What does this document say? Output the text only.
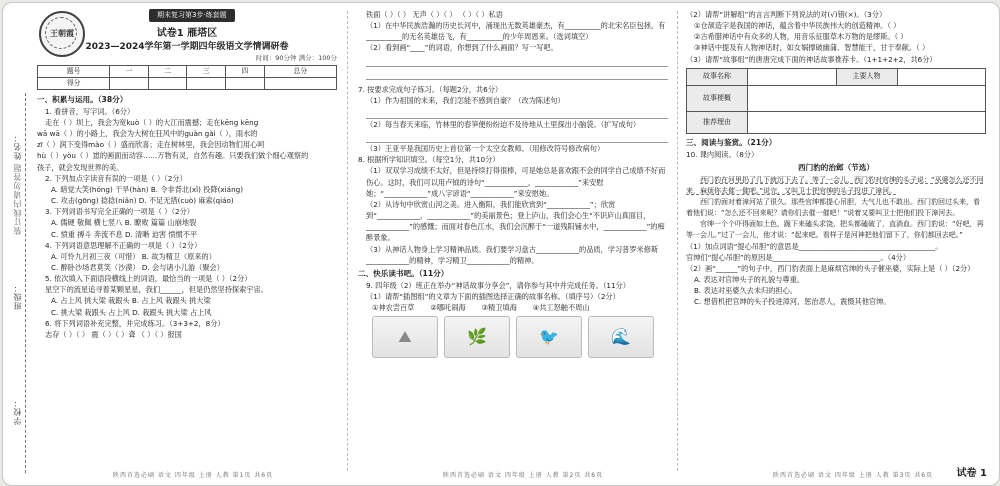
姓名：
装订线内请勿答题
班级：
学校：
王朝霞
期末复习第3步·练套题
试卷1 雁塔区
2023—2024学年第一学期四年级语文学情调研卷
时间：90分钟 满分：100分
题号	一	二	三	四	总分
得分					
一、积累与运用。（38分）
1. 看拼音，写字词。（6分）
走在（ ）坝上，我会为宽kuò（ ）的大江而震撼；走在kēng kēng
wā wā（ ）的小路上，我会为大树在狂风中的guàn gài（ ），雨水的
zī（ ）润下变得mào（ ）盛而欣喜；走在树林里，我会因动物们用心呵
hù（ ）yòu（ ）崽的画面而动容……万物有灵，自然有趣。只要我们做个细心观察的
孩子，就会发现世界的美。
2. 下列加点字读音有误的一项是（ ）（2分）
A. 暗觉大笑(hóng) 干旱(hàn) B. 令非背北(xǐ) 投降(xiáng)
C. 攻击(gōng) 捻捻(niǎn) D. 不足无措(cuò) 麻索(qiáo)
3. 下列词语书写完全正确的一项是（ ）（2分）
A. 儒硬 敬佩 横七竖八 B. 瞭败 篇篇 山崩地裂
C. 愤重 搏斗 奔流不息 D. 清晰 迫害 愤惯不平
4. 下列词语意思理解不正确的一项是（ ）（2分）
A. 可怜九月初三夜（可惜） B. 故为精卫（原来的）
C. 醉卧沙场君莫笑（沙漠） D. 会与诸小儿游（聚会）
5. 依次填入下面语段横线上的词语，最恰当的一项是（ ）（2分）
星空下的流星追寻着某颗星星，我们______，但是仍然坚持探索宇宙。
A. 占上风 挑大梁 栽跟头 B. 占上风 栽跟头 挑大梁
C. 挑大梁 栽跟头 占上风 D. 栽跟头 挑大梁 占上风
6. 将下列词语补充完整，并完成练习。（3+3+2，8分）
志存（ ）（ ） 震（ ）（ ）聋 （ ）（ ）报国
陕西首选必刷 语文 四年级 上册 人教 第1页 共6页
铁面（ ）（ ） 无声（ ）（ ） （ ）（ ）私语
（1）在中华民族浩瀚的历史长河中，涌现出无数英雄豪杰，有__________的北宋名臣包拯，有__________的无名英雄岳飞，有__________的少年周恩来。（选词填空）
（2）看到画“____”的词语，你想到了什么画面？写一写吧。
7. 按要求完成句子练习。（每题2分，共6分）
（1）作为祖国的未来，我们怎能不感到自豪？（改为陈述句）
（2）每当春天来临，竹林里的春笋便纷纷迫不及待地从土里探出小脑袋。（扩写成句）
（3）王亚平是我国历史上首位第一个太空女教师。（用修改符号修改病句）
8. 根据所学知识填空。（每空1分，共10分）
（1）双双学习成绩不太好，但是持续打得很棒，可是她总是喜欢跟不会的同学自己成绩不好而伤心。这时，我们可以用卢钺的诗句“____________，____________”来安慰她；“____________”成八字谚语“____________”来安慰她。
（2）从诗句中欣赏山河之美。进入衡阳，我们能欣赏到“____________”；欣赏到“____________，____________”的美丽景色；登上庐山，我们会心生“不识庐山真面目，____________”的感慨；而面对春色江水，我们会沉醉于“一道残阳铺水中，____________”的痴醉景象。
（3）从神话人物身上学习精神品质。我们要学习盘古____________的品质，学习普罗米修斯____________的精神，学习精卫____________的精神。
二、快乐读书吧。（11分）
9. 四年级（2）班正在举办“神话故事分享会”，请你参与其中并完成任务。（11分）
（1）请帮“插图组”的文章为下面的插图选择正确的故事名称。（填序号）（2分）
①神农尝百草 ②哪吒闹海 ③精卫填海 ④共工怒触不周山
⛰	🌿	🐦	🌊
陕西首选必刷 语文 四年级 上册 人教 第2页 共6页
（2）请帮“讲解组”的言言判断下列说法的对(√)错(×)。（3分）
①仓颉造字是我国的神话，蕴含着中华民族伟大的创造精神。（ ）
②古希腊神话中有众多的人物，用音乐征服草木万物的是缪斯。（ ）
③神话中提及有人物神话时，如女娲撑破幽蒲、智慧能干，甘于奉献。（ ）
（3）请帮“故事组”的唐唐完成下面的神话故事推荐卡。（1+1+2+2，共6分）
故事名称		主要人物	
故事梗概			
推荐理由			
三、阅读与鉴赏。（21分）
10. 课内阅读。（8分）
西门豹的治邺（节选）

西门豹在河里扔了几下就沉下去了。等了一会儿，西门豹对官绅的头子说：“巫婆怎么还不回来，麻烦你去催一催吧。”说完，又叫卫士把官绅的头子投进了漳河。

西门豹面对着漳河站了很久。那些官绅都提心吊胆，大气儿也不敢出。西门豹回过头来，看着他们说：“怎么还不回来呢？请你们去催一催吧！”说着又要叫卫士把他们投下漳河去。

官绅一个个吓得面如土色，跪下来磕头求饶，把头都磕破了，直淌血。西门豹说：“好吧，再等一会儿。”过了一会儿，他才说：“起来吧。看样子是河神把他们留下了，你们都回去吧。”

（1）加点词语“提心吊胆”的意思是______________________________________。
官绅们“提心吊胆”的原因是______________________________。（4分）
（2）画“______”的句子中，西门豹表面上是麻烦官绅的头子催巫婆，实际上是（ ）（2分）
A. 表达对官绅头子的礼貌与尊重。
B. 表达对巫婆久去未归的担心。
C. 想借机把官绅的头子投进漳河，惩治恶人，震慑其他官绅。
陕西首选必刷 语文 四年级 上册 人教 第3页 共6页 试卷 1
